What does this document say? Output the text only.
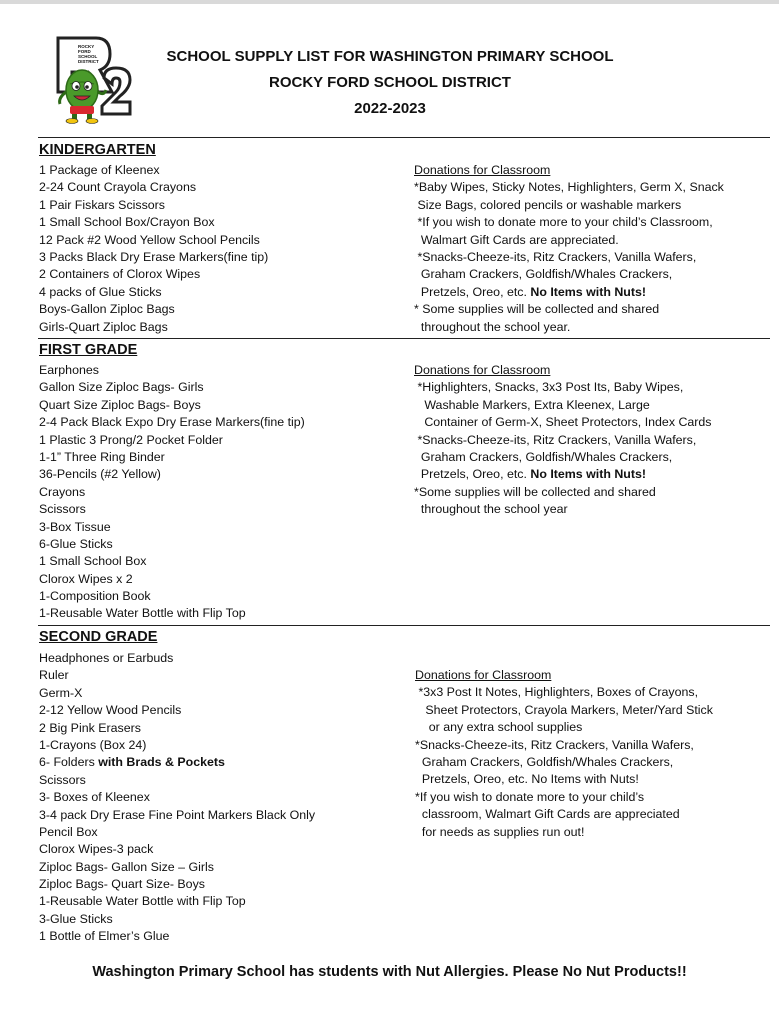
ROCKY
FORD
SCHOOL
DISTRICT	SCHOOL SUPPLY LIST FOR WASHINGTON PRIMARY SCHOOL
ROCKY FORD SCHOOL DISTRICT
2022-2023
KINDERGARTEN
1 Package of Kleenex
2-24 Count Crayola Crayons
1 Pair Fiskars Scissors
1 Small School Box/Crayon Box
12 Pack #2 Wood Yellow School Pencils
3 Packs Black Dry Erase Markers(fine tip)
2 Containers of Clorox Wipes
4 packs of Glue Sticks
Boys-Gallon Ziploc Bags
Girls-Quart Ziploc Bags
Donations for Classroom
*Baby Wipes, Sticky Notes, Highlighters, Germ X, Snack
Size Bags, colored pencils or washable markers
*If you wish to donate more to your child’s Classroom,
Walmart Gift Cards are appreciated.
*Snacks-Cheeze-its, Ritz Crackers, Vanilla Wafers,
Graham Crackers, Goldfish/Whales Crackers,
Pretzels, Oreo, etc. No Items with Nuts!
* Some supplies will be collected and shared
throughout the school year.
FIRST GRADE
Earphones
Gallon Size Ziploc Bags- Girls
Quart Size Ziploc Bags- Boys
2-4 Pack Black Expo Dry Erase Markers(fine tip)
1 Plastic 3 Prong/2 Pocket Folder
1-1” Three Ring Binder
36-Pencils (#2 Yellow)
Crayons
Scissors
3-Box Tissue
6-Glue Sticks
1 Small School Box
Clorox Wipes x 2
1-Composition Book
1-Reusable Water Bottle with Flip Top
Donations for Classroom
*Highlighters, Snacks, 3x3 Post Its, Baby Wipes,
Washable Markers, Extra Kleenex, Large
Container of Germ-X, Sheet Protectors, Index Cards
*Snacks-Cheeze-its, Ritz Crackers, Vanilla Wafers,
Graham Crackers, Goldfish/Whales Crackers,
Pretzels, Oreo, etc. No Items with Nuts!
*Some supplies will be collected and shared
throughout the school year
SECOND GRADE
Headphones or Earbuds
Ruler
Germ-X
2-12 Yellow Wood Pencils
2 Big Pink Erasers
1-Crayons (Box 24)
6- Folders with Brads & Pockets
Scissors
3- Boxes of Kleenex
3-4 pack Dry Erase Fine Point Markers Black Only
Pencil Box
Clorox Wipes-3 pack
Ziploc Bags- Gallon Size – Girls
Ziploc Bags- Quart Size- Boys
1-Reusable Water Bottle with Flip Top
3-Glue Sticks
1 Bottle of Elmer’s Glue
Donations for Classroom
*3x3 Post It Notes, Highlighters, Boxes of Crayons,
Sheet Protectors, Crayola Markers, Meter/Yard Stick
or any extra school supplies
*Snacks-Cheeze-its, Ritz Crackers, Vanilla Wafers,
Graham Crackers, Goldfish/Whales Crackers,
Pretzels, Oreo, etc. No Items with Nuts!
*If you wish to donate more to your child’s
classroom, Walmart Gift Cards are appreciated
for needs as supplies run out!
Washington Primary School has students with Nut Allergies. Please No Nut Products!!
